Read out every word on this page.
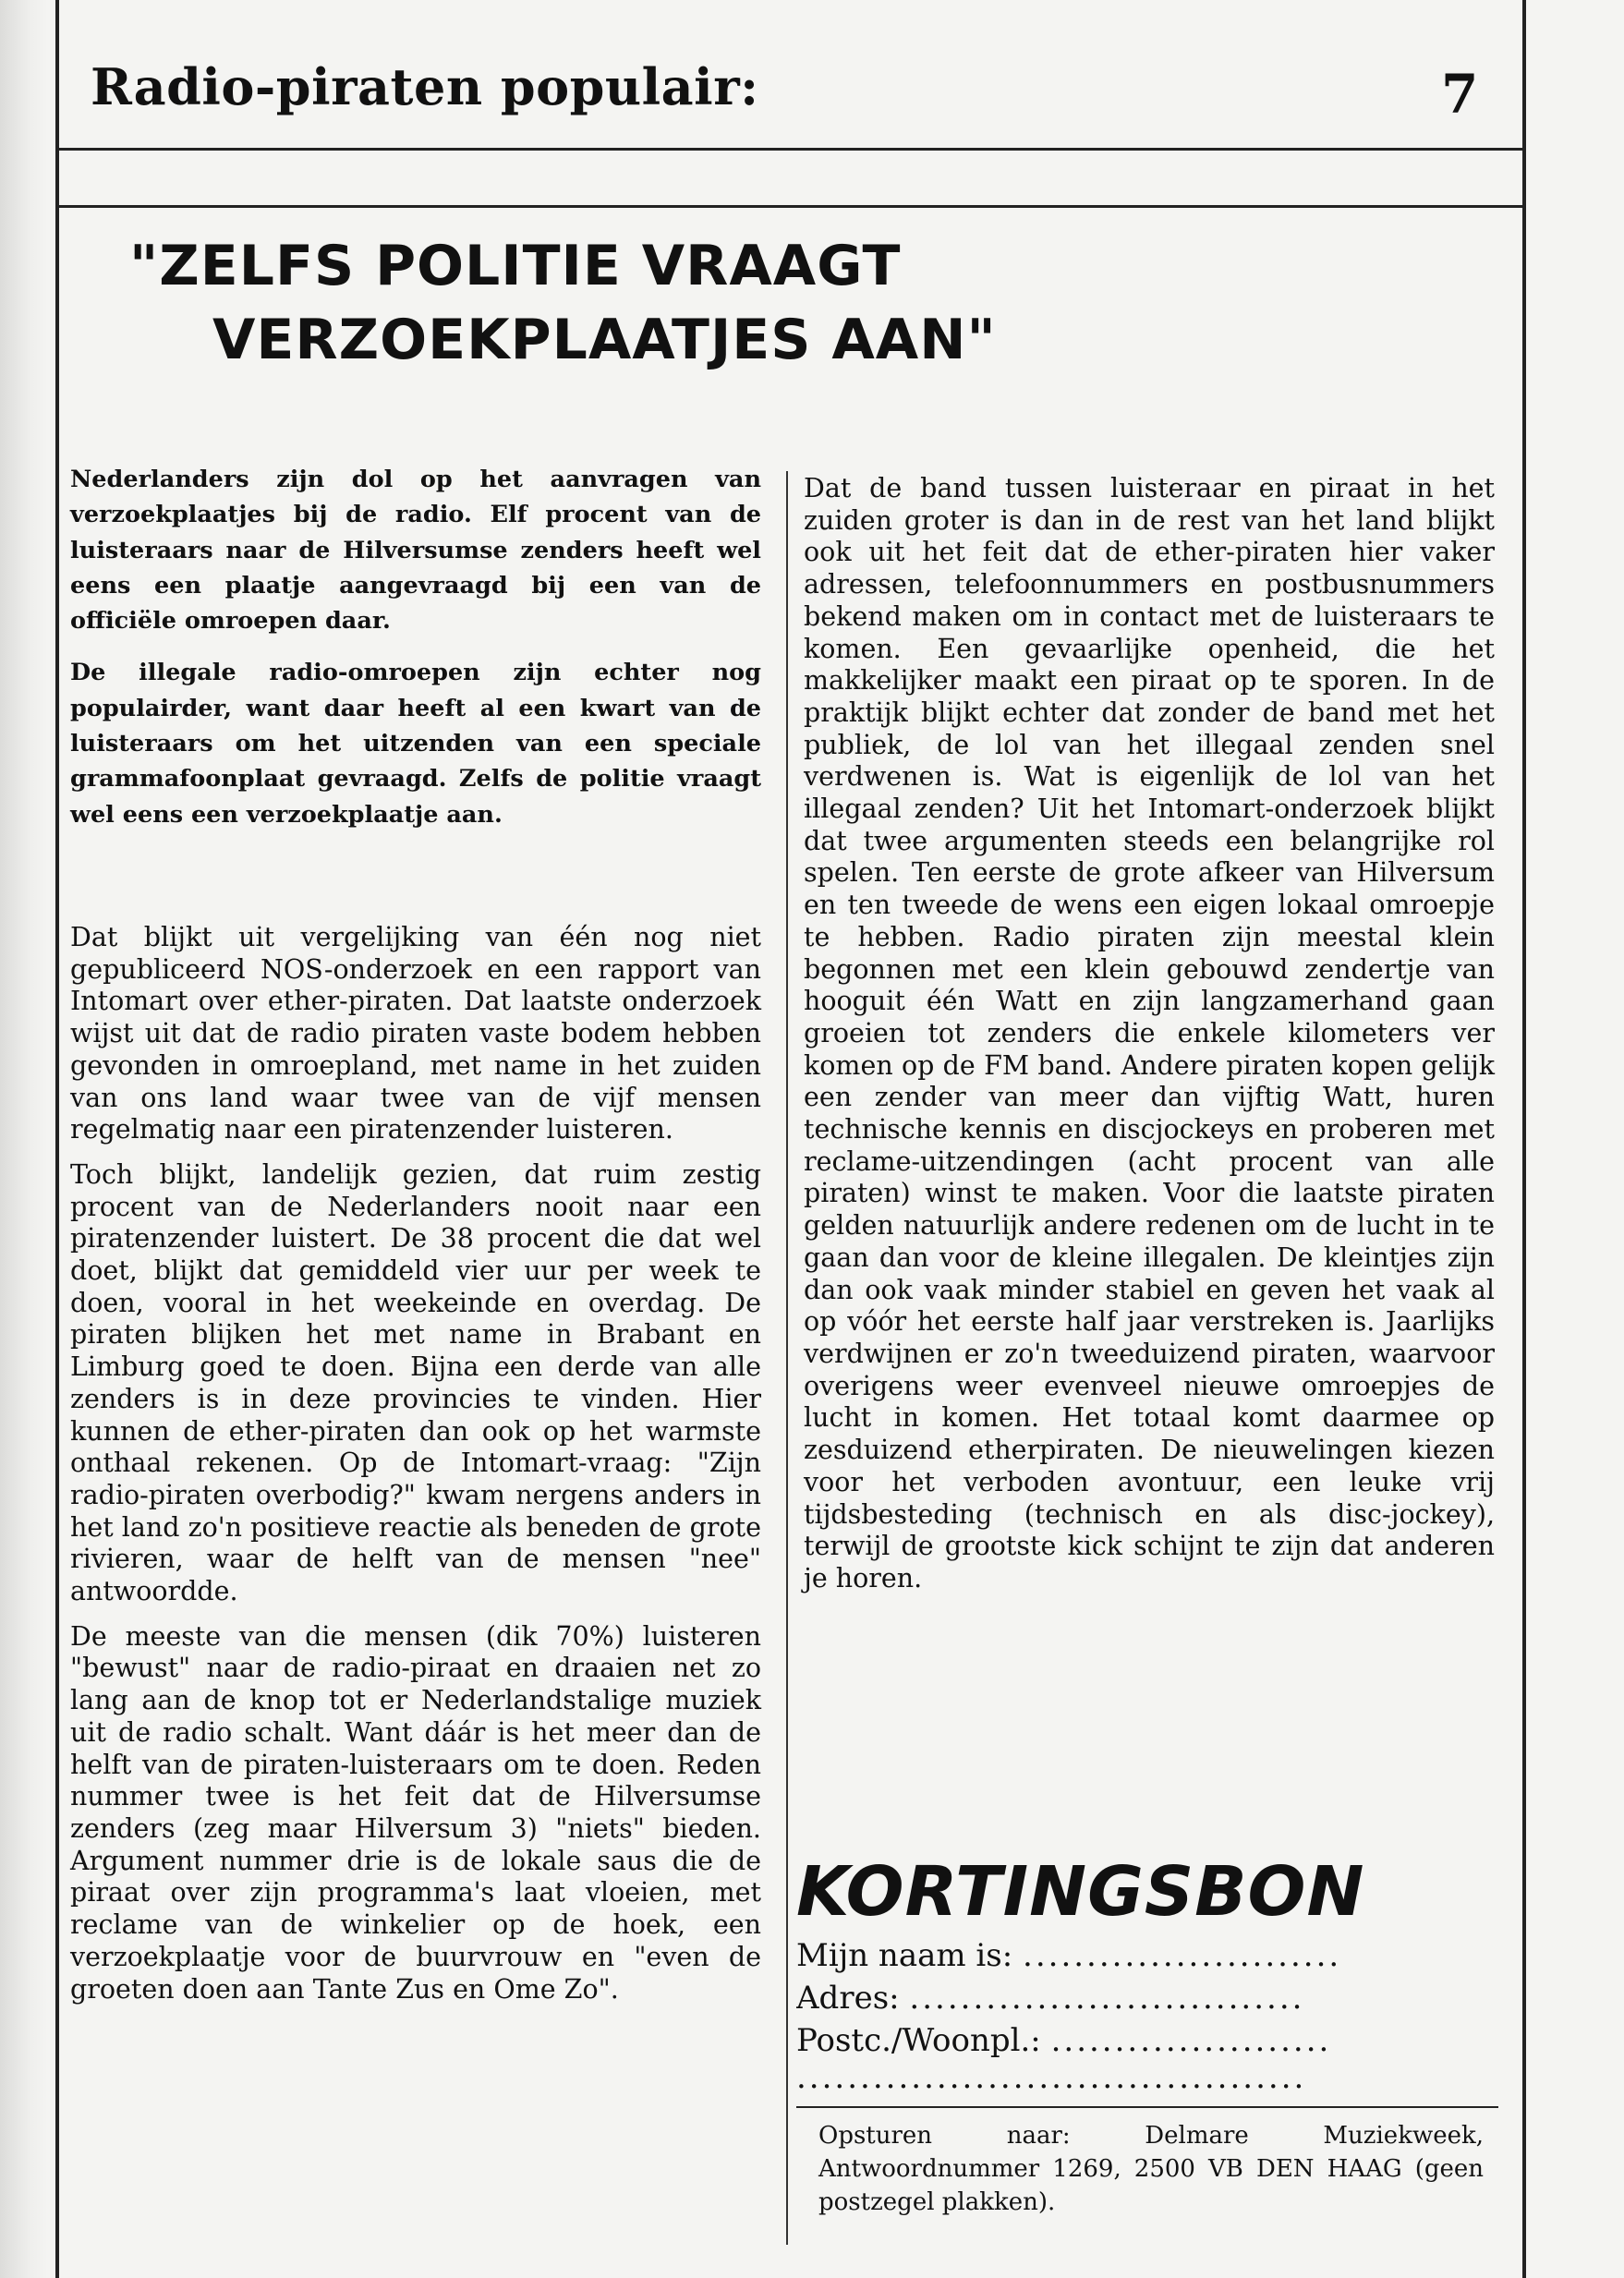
Radio-piraten populair:	7
"ZELFS POLITIE VRAAGT
VERZOEKPLAATJES AAN"

Nederlanders zijn dol op het aanvragen van verzoekplaatjes bij de radio. Elf procent van de luisteraars naar de Hilversumse zenders heeft wel eens een plaatje aangevraagd bij een van de officiële omroepen daar.

De illegale radio-omroepen zijn echter nog populairder, want daar heeft al een kwart van de luisteraars om het uitzenden van een speciale grammafoonplaat gevraagd. Zelfs de politie vraagt wel eens een verzoekplaatje aan.

Dat blijkt uit vergelijking van één nog niet gepubliceerd NOS-onderzoek en een rapport van Intomart over ether-piraten. Dat laatste onderzoek wijst uit dat de radio piraten vaste bodem hebben gevonden in omroepland, met name in het zuiden van ons land waar twee van de vijf mensen regelmatig naar een piratenzender luisteren.

Toch blijkt, landelijk gezien, dat ruim zestig procent van de Nederlanders nooit naar een piratenzender luistert. De 38 procent die dat wel doet, blijkt dat gemiddeld vier uur per week te doen, vooral in het weekeinde en overdag. De piraten blijken het met name in Brabant en Limburg goed te doen. Bijna een derde van alle zenders is in deze provincies te vinden. Hier kunnen de ether-piraten dan ook op het warmste onthaal rekenen. Op de Intomart-vraag: "Zijn radio-piraten overbodig?" kwam nergens anders in het land zo'n positieve reactie als beneden de grote rivieren, waar de helft van de mensen "nee" antwoordde.

De meeste van die mensen (dik 70%) luisteren "bewust" naar de radio-piraat en draaien net zo lang aan de knop tot er Nederlandstalige muziek uit de radio schalt. Want dáár is het meer dan de helft van de piraten-luisteraars om te doen. Reden nummer twee is het feit dat de Hilversumse zenders (zeg maar Hilversum 3) "niets" bieden. Argument nummer drie is de lokale saus die de piraat over zijn programma's laat vloeien, met reclame van de winkelier op de hoek, een verzoekplaatje voor de buurvrouw en "even de groeten doen aan Tante Zus en Ome Zo".

Dat de band tussen luisteraar en piraat in het zuiden groter is dan in de rest van het land blijkt ook uit het feit dat de ether-piraten hier vaker adressen, telefoonnummers en postbusnummers bekend maken om in contact met de luisteraars te komen. Een gevaarlijke openheid, die het makkelijker maakt een piraat op te sporen. In de praktijk blijkt echter dat zonder de band met het publiek, de lol van het illegaal zenden snel verdwenen is. Wat is eigenlijk de lol van het illegaal zenden? Uit het Intomart-onderzoek blijkt dat twee argumenten steeds een belangrijke rol spelen. Ten eerste de grote afkeer van Hilversum en ten tweede de wens een eigen lokaal omroepje te hebben. Radio piraten zijn meestal klein begonnen met een klein gebouwd zendertje van hooguit één Watt en zijn langzamerhand gaan groeien tot zenders die enkele kilometers ver komen op de FM band. Andere piraten kopen gelijk een zender van meer dan vijftig Watt, huren technische kennis en discjockeys en proberen met reclame-uitzendingen (acht procent van alle piraten) winst te maken. Voor die laatste piraten gelden natuurlijk andere redenen om de lucht in te gaan dan voor de kleine illegalen. De kleintjes zijn dan ook vaak minder stabiel en geven het vaak al op vóór het eerste half jaar verstreken is. Jaarlijks verdwijnen er zo'n tweeduizend piraten, waarvoor overigens weer evenveel nieuwe omroepjes de lucht in komen. Het totaal komt daarmee op zesduizend etherpiraten. De nieuwelingen kiezen voor het verboden avontuur, een leuke vrij tijdsbesteding (technisch en als disc-jockey), terwijl de grootste kick schijnt te zijn dat anderen je horen.

KORTINGSBON
Mijn naam is: .........................
Adres: ...............................
Postc./Woonpl.: ......................
........................................
Opsturen naar: Delmare Muziekweek, Antwoordnummer 1269, 2500 VB DEN HAAG (geen postzegel plakken).
